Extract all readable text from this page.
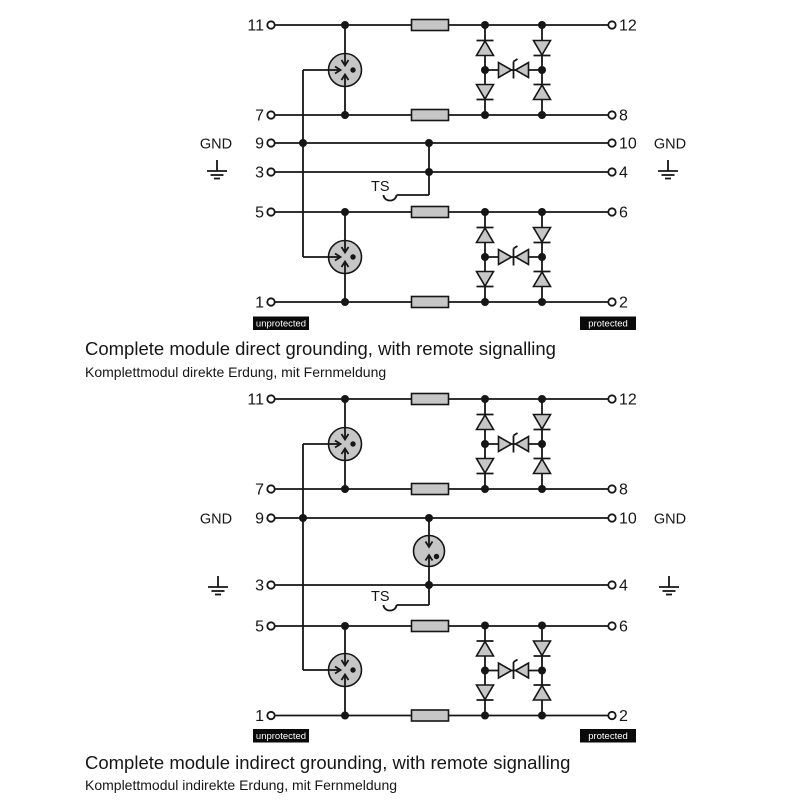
11
7
9
3
5
1
12
8
10
4
6
2
GND	GND
TS
unprotected	protected
Complete module direct grounding, with remote signalling
Komplettmodul direkte Erdung, mit Fernmeldung
11
7
9
3
5
1
12
8
10
4
6
2
GND	GND
TS
unprotected	protected
Complete module indirect grounding, with remote signalling
Komplettmodul indirekte Erdung, mit Fernmeldung
